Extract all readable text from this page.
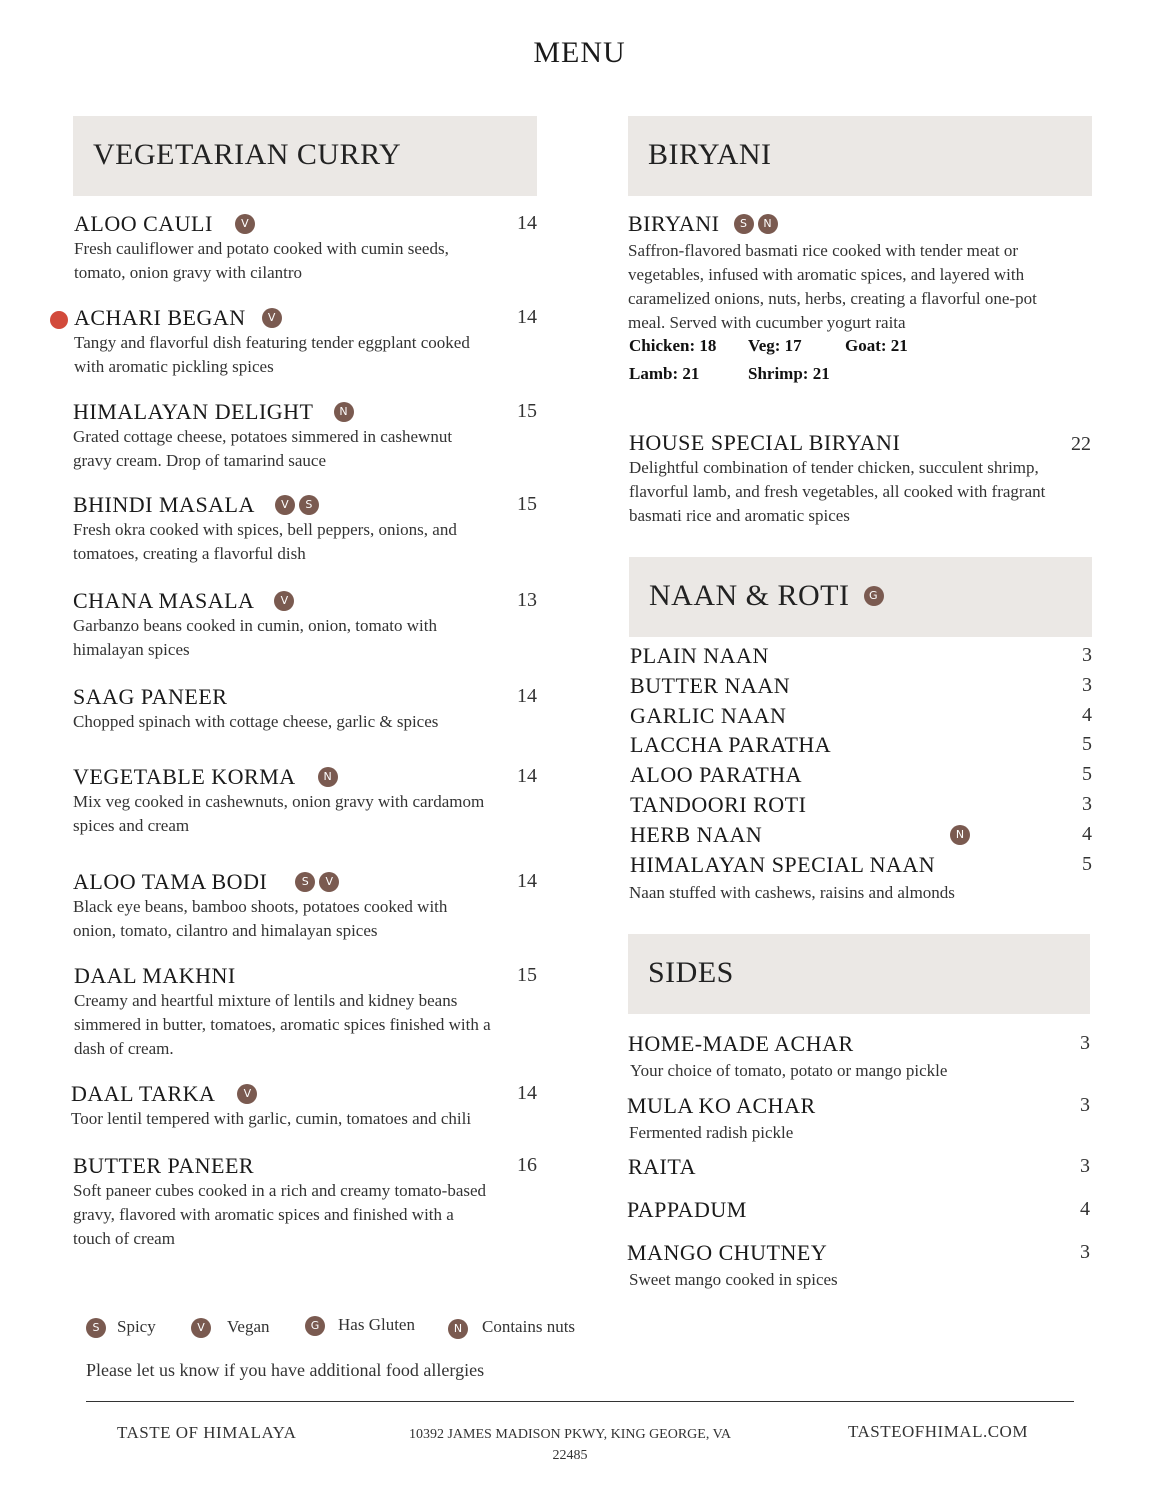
MENU
VEGETARIAN CURRY
ALOO CAULI	V	14
Fresh cauliflower and potato cooked with cumin seeds,
tomato, onion gravy with cilantro
ACHARI BEGAN	V	14
Tangy and flavorful dish featuring tender eggplant cooked
with aromatic pickling spices
HIMALAYAN DELIGHT	N	15
Grated cottage cheese, potatoes simmered in cashewnut
gravy cream. Drop of tamarind sauce
BHINDI MASALA	V	S	15
Fresh okra cooked with spices, bell peppers, onions, and
tomatoes, creating a flavorful dish
CHANA MASALA	V	13
Garbanzo beans cooked in cumin, onion, tomato with
himalayan spices
SAAG PANEER	14
Chopped spinach with cottage cheese, garlic & spices
VEGETABLE KORMA	N	14
Mix veg cooked in cashewnuts, onion gravy with cardamom
spices and cream
ALOO TAMA BODI	S	V	14
Black eye beans, bamboo shoots, potatoes cooked with
onion, tomato, cilantro and himalayan spices
DAAL MAKHNI	15
Creamy and heartful mixture of lentils and kidney beans
simmered in butter, tomatoes, aromatic spices finished with a
dash of cream.
DAAL TARKA	V	14
Toor lentil tempered with garlic, cumin, tomatoes and chili
BUTTER PANEER	16
Soft paneer cubes cooked in a rich and creamy tomato-based
gravy, flavored with aromatic spices and finished with a
touch of cream
BIRYANI
BIRYANI	S	N
Saffron-flavored basmati rice cooked with tender meat or
vegetables, infused with aromatic spices, and layered with
caramelized onions, nuts, herbs, creating a flavorful one-pot
meal. Served with cucumber yogurt raita
Chicken: 18 Veg: 17	Goat: 21
Lamb: 21	Shrimp: 21
HOUSE SPECIAL BIRYANI	22
Delightful combination of tender chicken, succulent shrimp,
flavorful lamb, and fresh vegetables, all cooked with fragrant
basmati rice and aromatic spices
NAAN & ROTI	G
PLAIN NAAN	3
BUTTER NAAN	3
GARLIC NAAN	4
LACCHA PARATHA	5
ALOO PARATHA	5
TANDOORI ROTI	3
HERB NAAN	N	4
HIMALAYAN SPECIAL NAAN	5
Naan stuffed with cashews, raisins and almonds
SIDES
HOME-MADE ACHAR	3
Your choice of tomato, potato or mango pickle
MULA KO ACHAR	3
Fermented radish pickle
RAITA	3
PAPPADUM	4
MANGO CHUTNEY	3
Sweet mango cooked in spices
S	Spicy	V	Vegan	G	Has Gluten	N	Contains nuts
Please let us know if you have additional food allergies
TASTE OF HIMALAYA	10392 JAMES MADISON PKWY, KING GEORGE, VA
22485
TASTEOFHIMAL.COM
